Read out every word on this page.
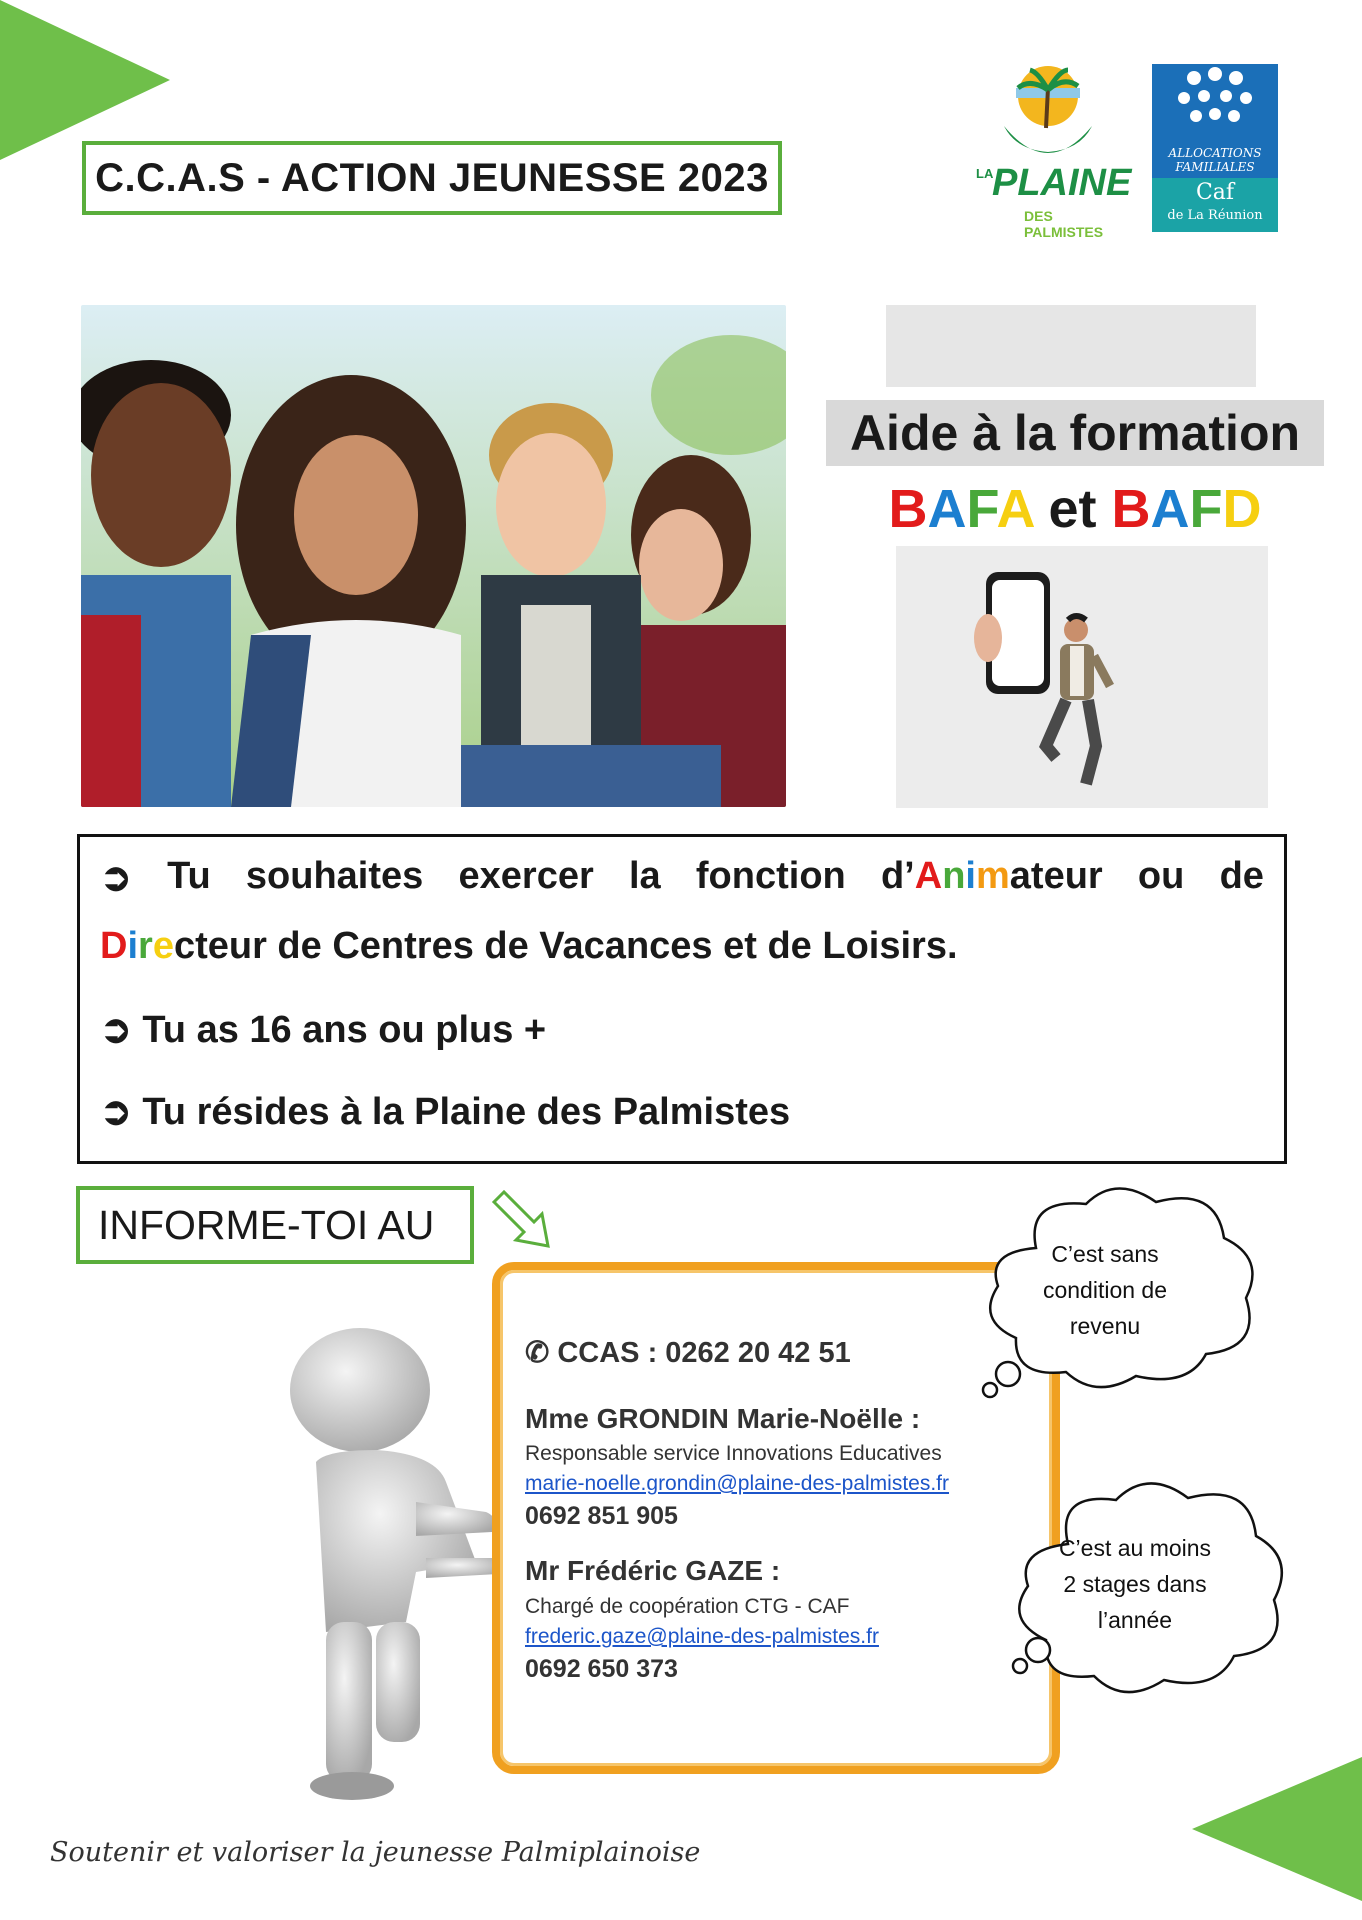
C.C.A.S - ACTION JEUNESSE 2023	LA
PLAINE
DES PALMISTES
ALLOCATIONS
FAMILIALES
Caf
de La Réunion
Aide à la formation
BAFA et BAFD
➲ Tu souhaites exercer la fonction d’Animateur ou de
Directeur de Centres de Vacances et de Loisirs.
➲ Tu as 16 ans ou plus +
➲ Tu résides à la Plaine des Palmistes
INFORME-TOI AU
✆ CCAS : 0262 20 42 51
Mme GRONDIN Marie-Noëlle :
Responsable service Innovations Educatives
marie-noelle.grondin@plaine-des-palmistes.fr
0692 851 905
Mr Frédéric GAZE :
Chargé de coopération CTG - CAF
frederic.gaze@plaine-des-palmistes.fr
0692 650 373
C’est sans
condition de
revenu
C’est au moins
2 stages dans
l’année
Soutenir et valoriser la jeunesse Palmiplainoise
